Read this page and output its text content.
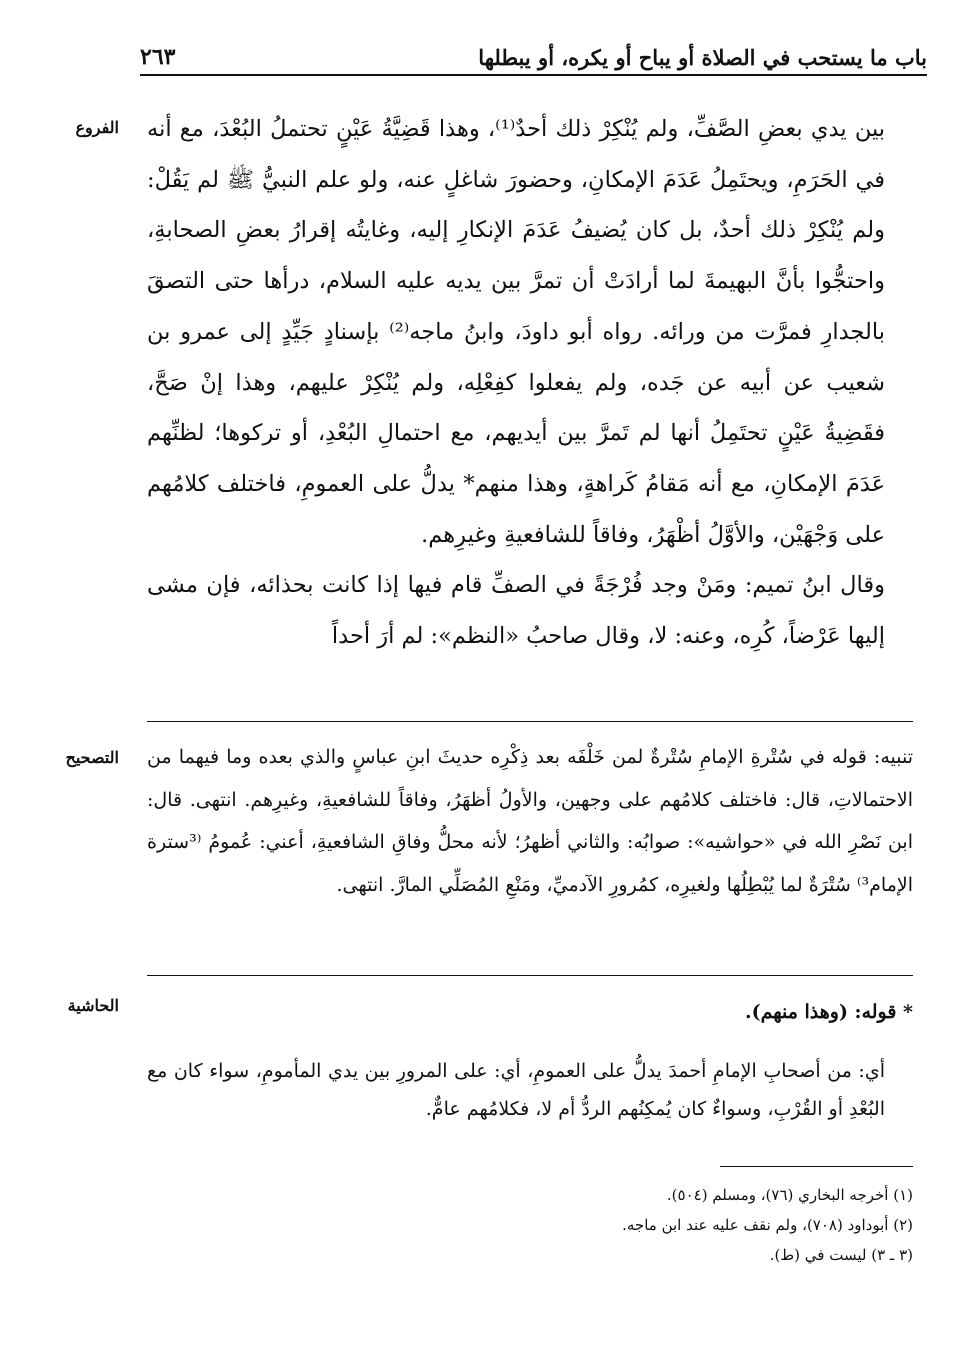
باب ما يستحب في الصلاة أو يباح أو يكره، أو يبطلها
٢٦٣
الفروع بين يدي بعضِ الصَّفِّ، ولم يُنْكِرْ ذلك أحدٌ⁽¹⁾، وهذا قَضِيَّةُ عَيْنٍ تحتملُ البُعْدَ، مع أنه في الحَرَمِ، ويحتَمِلُ عَدَمَ الإمكانِ، وحضورَ شاغلٍ عنه، ولو علم النبيُّ ﷺ لم يَقُلْ: ولم يُنْكِرْ ذلك أحدٌ، بل كان يُضيفُ عَدَمَ الإنكارِ إليه، وغايتُه إقرارُ بعضِ الصحابةِ، واحتجُّوا بأنَّ البهيمةَ لما أرادَتْ أن تمرَّ بين يديه عليه السلام، درأها حتى التصقَ بالجدارِ فمرَّت من ورائه. رواه أبو داودَ، وابنُ ماجه⁽²⁾ بإسنادٍ جَيِّدٍ إلى عمرو بن شعيب عن أبيه عن جَده، ولم يفعلوا كفِعْلِه، ولم يُنْكِرْ عليهم، وهذا إنْ صَحَّ، فقَضِيةُ عَيْنٍ تحتَمِلُ أنها لم تَمرَّ بين أيديهم، مع احتمالِ البُعْدِ، أو تركوها؛ لظنِّهم عَدَمَ الإمكانِ، مع أنه مَقامُ كَراهةٍ، وهذا منهم* يدلُّ على العمومِ، فاختلف كلامُهم على وَجْهَيْن، والأوَّلُ أظْهَرُ، وفاقاً للشافعيةِ وغيرِهم.

وقال ابنُ تميم: ومَنْ وجد فُرْجَةً في الصفِّ قام فيها إذا كانت بحذائه، فإن مشى إليها عَرْضاً، كُرِه، وعنه: لا، وقال صاحبُ «النظم»: لم أرَ أحداً

التصحيح تنبيه: قوله في سُتْرةِ الإمامِ سُتْرةٌ لمن خَلْفَه بعد ذِكْرِه حديثَ ابنِ عباسٍ والذي بعده وما فيهما من الاحتمالاتِ، قال: فاختلف كلامُهم على وجهين، والأولُ أظهَرُ، وفاقاً للشافعيةِ، وغيرِهم. انتهى. قال: ابن نَصْرِ الله في «حواشيه»: صوابُه: والثاني أظهرُ؛ لأنه محلُّ وفاقِ الشافعيةِ، أعني: عُمومُ ⁽³سترة الإمام³⁾ سُتْرَةٌ لما يُبْطِلُها ولغيرِه، كمُرورِ الآدميِّ، ومَنْعِ المُصَلِّي المارَّ. انتهى.

الحاشية	* قوله: (وهذا منهم).

أي: من أصحابِ الإمامِ أحمدَ يدلُّ على العمومِ، أي: على المرورِ بين يدي المأمومِ، سواء كان مع البُعْدِ أو القُرْبِ، وسواءٌ كان يُمكِنُهم الردُّ أم لا، فكلامُهم عامٌّ.

(١) أخرجه البخاري (٧٦)، ومسلم (٥٠٤).
(٢) أبوداود (٧٠٨)، ولم نقف عليه عند ابن ماجه.
(٣ ـ ٣) ليست في (ط).
